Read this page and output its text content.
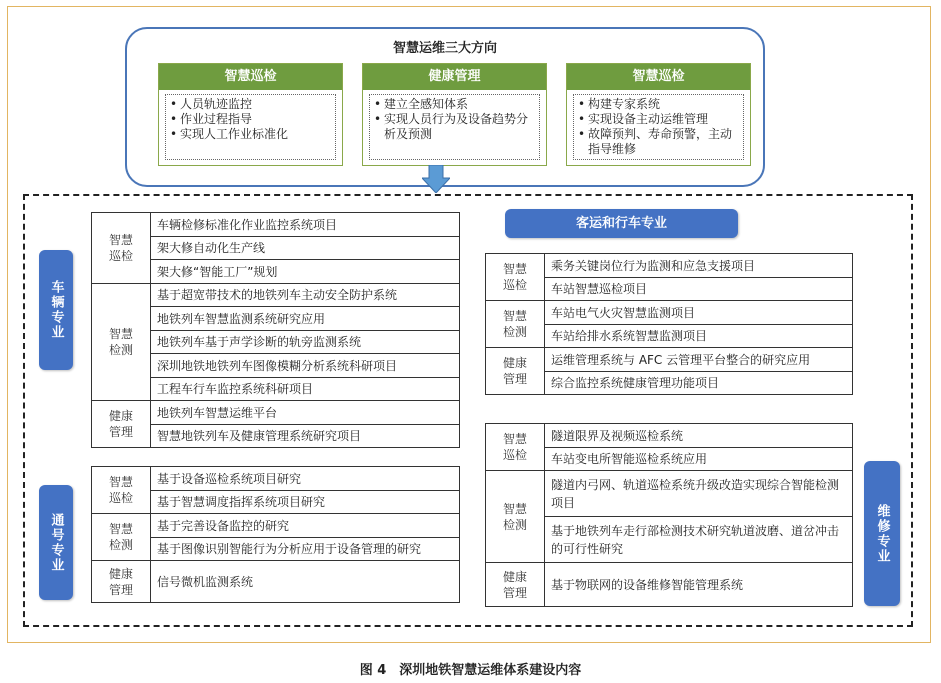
智慧运维三大方向
智慧巡检
• 人员轨迹监控
• 作业过程指导
• 实现人工作业标准化
健康管理
• 建立全感知体系
• 实现人员行为及设备趋势分析及预测
智慧巡检
• 构建专家系统
• 实现设备主动运维管理
• 故障预判、寿命预警，主动指导维修
车辆专业
通号专业
客运和行车专业
维修专业
智慧
巡检	车辆检修标准化作业监控系统项目
	架大修自动化生产线
	架大修“智能工厂”规划
智慧
检测	基于超宽带技术的地铁列车主动安全防护系统
	地铁列车智慧监测系统研究应用
	地铁列车基于声学诊断的轨旁监测系统
	深圳地铁地铁列车图像模糊分析系统科研项目
	工程车行车监控系统科研项目
健康
管理	地铁列车智慧运维平台
	智慧地铁列车及健康管理系统研究项目
智慧
巡检	基于设备巡检系统项目研究
	基于智慧调度指挥系统项目研究
智慧
检测	基于完善设备监控的研究
	基于图像识别智能行为分析应用于设备管理的研究
健康
管理	信号微机监测系统
智慧
巡检	乘务关键岗位行为监测和应急支援项目
	车站智慧巡检项目
智慧
检测	车站电气火灾智慧监测项目
	车站给排水系统智慧监测项目
健康
管理	运维管理系统与 AFC 云管理平台整合的研究应用
	综合监控系统健康管理功能项目
智慧
巡检	隧道限界及视频巡检系统
	车站变电所智能巡检系统应用
智慧
检测	隧道内弓网、轨道巡检系统升级改造实现综合智能检测项目
	基于地铁列车走行部检测技术研究轨道波磨、道岔冲击的可行性研究
健康
管理	基于物联网的设备维修智能管理系统
图 4　深圳地铁智慧运维体系建设内容
